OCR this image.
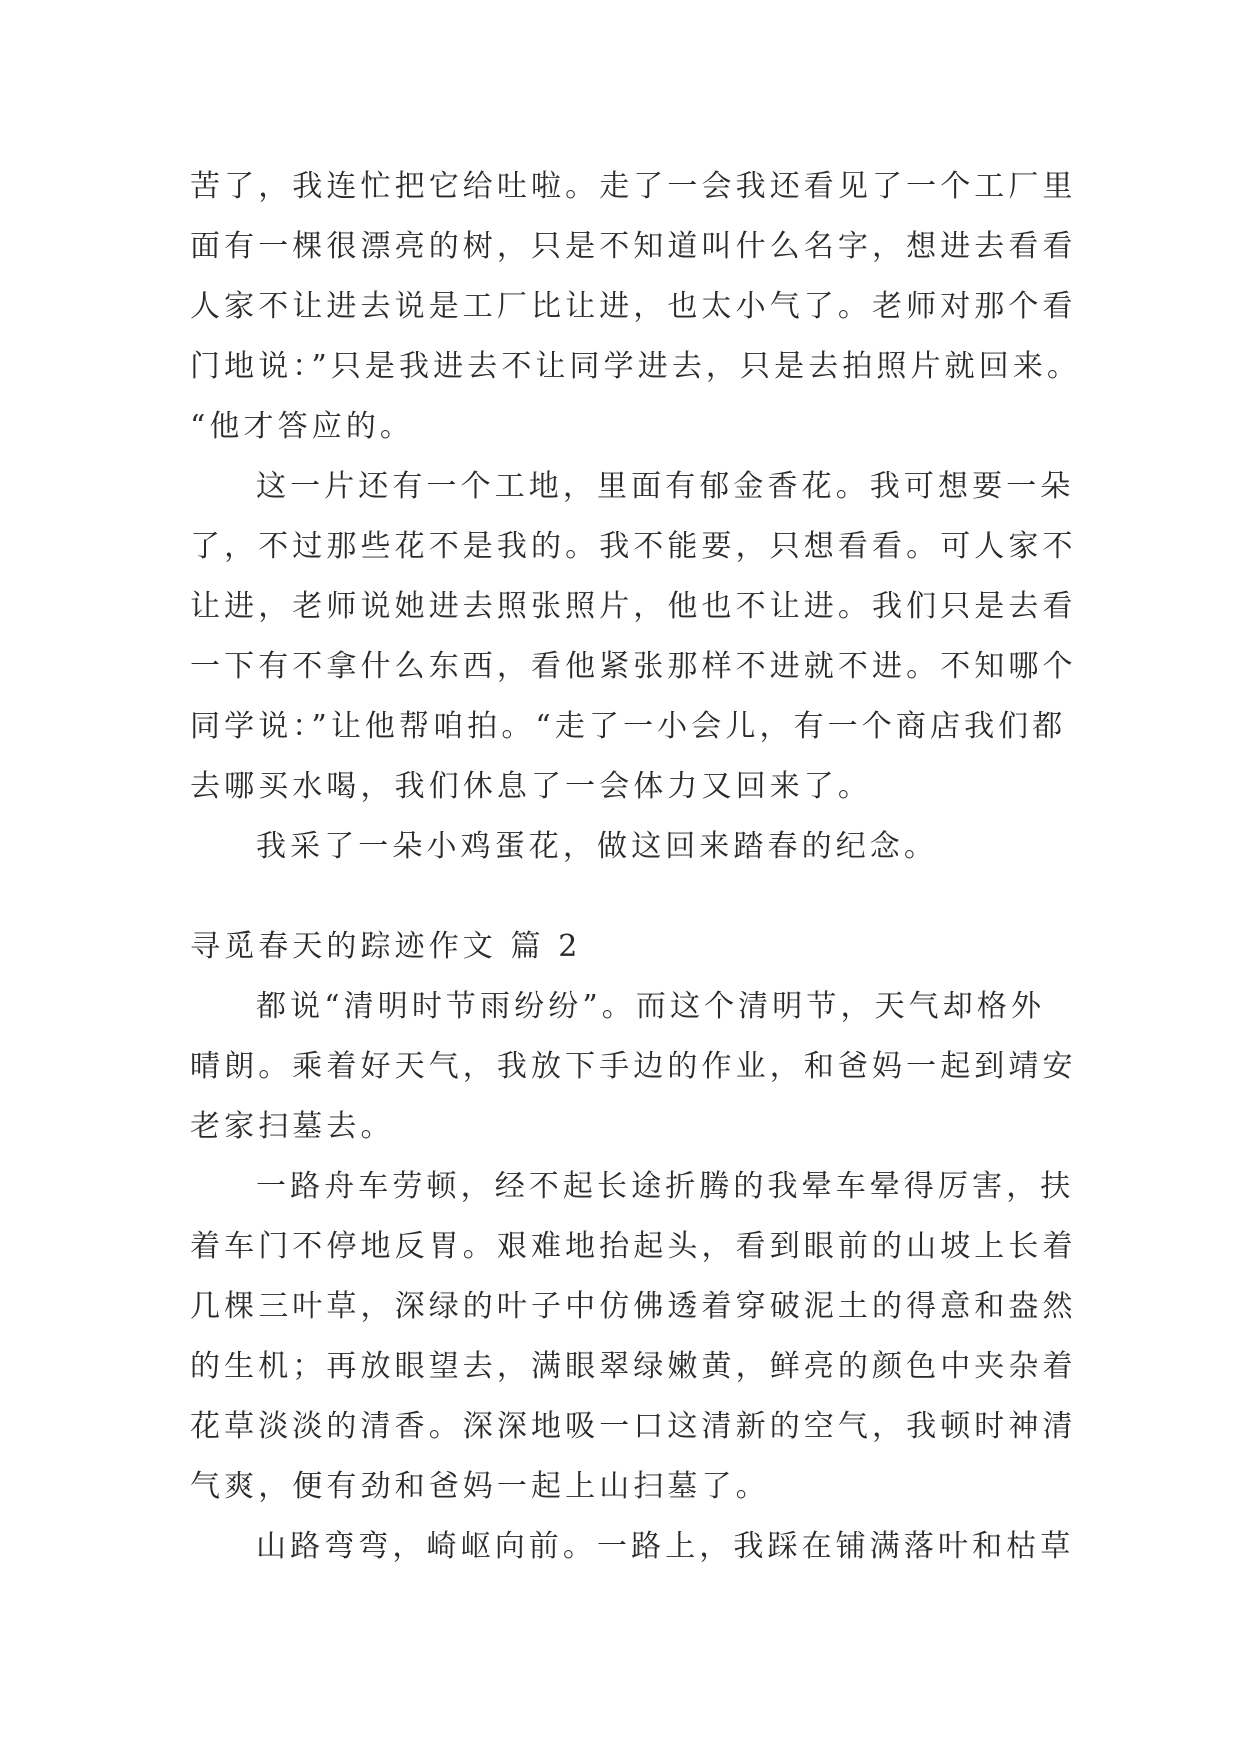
苦了，我连忙把它给吐啦。走了一会我还看见了一个工厂里
面有一棵很漂亮的树，只是不知道叫什么名字，想进去看看
人家不让进去说是工厂比让进，也太小气了。老师对那个看
门地说：”只是我进去不让同学进去，只是去拍照片就回来。
“他才答应的。
这一片还有一个工地，里面有郁金香花。我可想要一朵
了，不过那些花不是我的。我不能要，只想看看。可人家不
让进，老师说她进去照张照片，他也不让进。我们只是去看
一下有不拿什么东西，看他紧张那样不进就不进。不知哪个
同学说：”让他帮咱拍。“走了一小会儿，有一个商店我们都
去哪买水喝，我们休息了一会体力又回来了。
我采了一朵小鸡蛋花，做这回来踏春的纪念。
寻觅春天的踪迹作文 篇 2
都说“清明时节雨纷纷”。而这个清明节，天气却格外
晴朗。乘着好天气，我放下手边的作业，和爸妈一起到靖安
老家扫墓去。
一路舟车劳顿，经不起长途折腾的我晕车晕得厉害，扶
着车门不停地反胃。艰难地抬起头，看到眼前的山坡上长着
几棵三叶草，深绿的叶子中仿佛透着穿破泥土的得意和盎然
的生机；再放眼望去，满眼翠绿嫩黄，鲜亮的颜色中夹杂着
花草淡淡的清香。深深地吸一口这清新的空气，我顿时神清
气爽，便有劲和爸妈一起上山扫墓了。
山路弯弯，崎岖向前。一路上，我踩在铺满落叶和枯草
